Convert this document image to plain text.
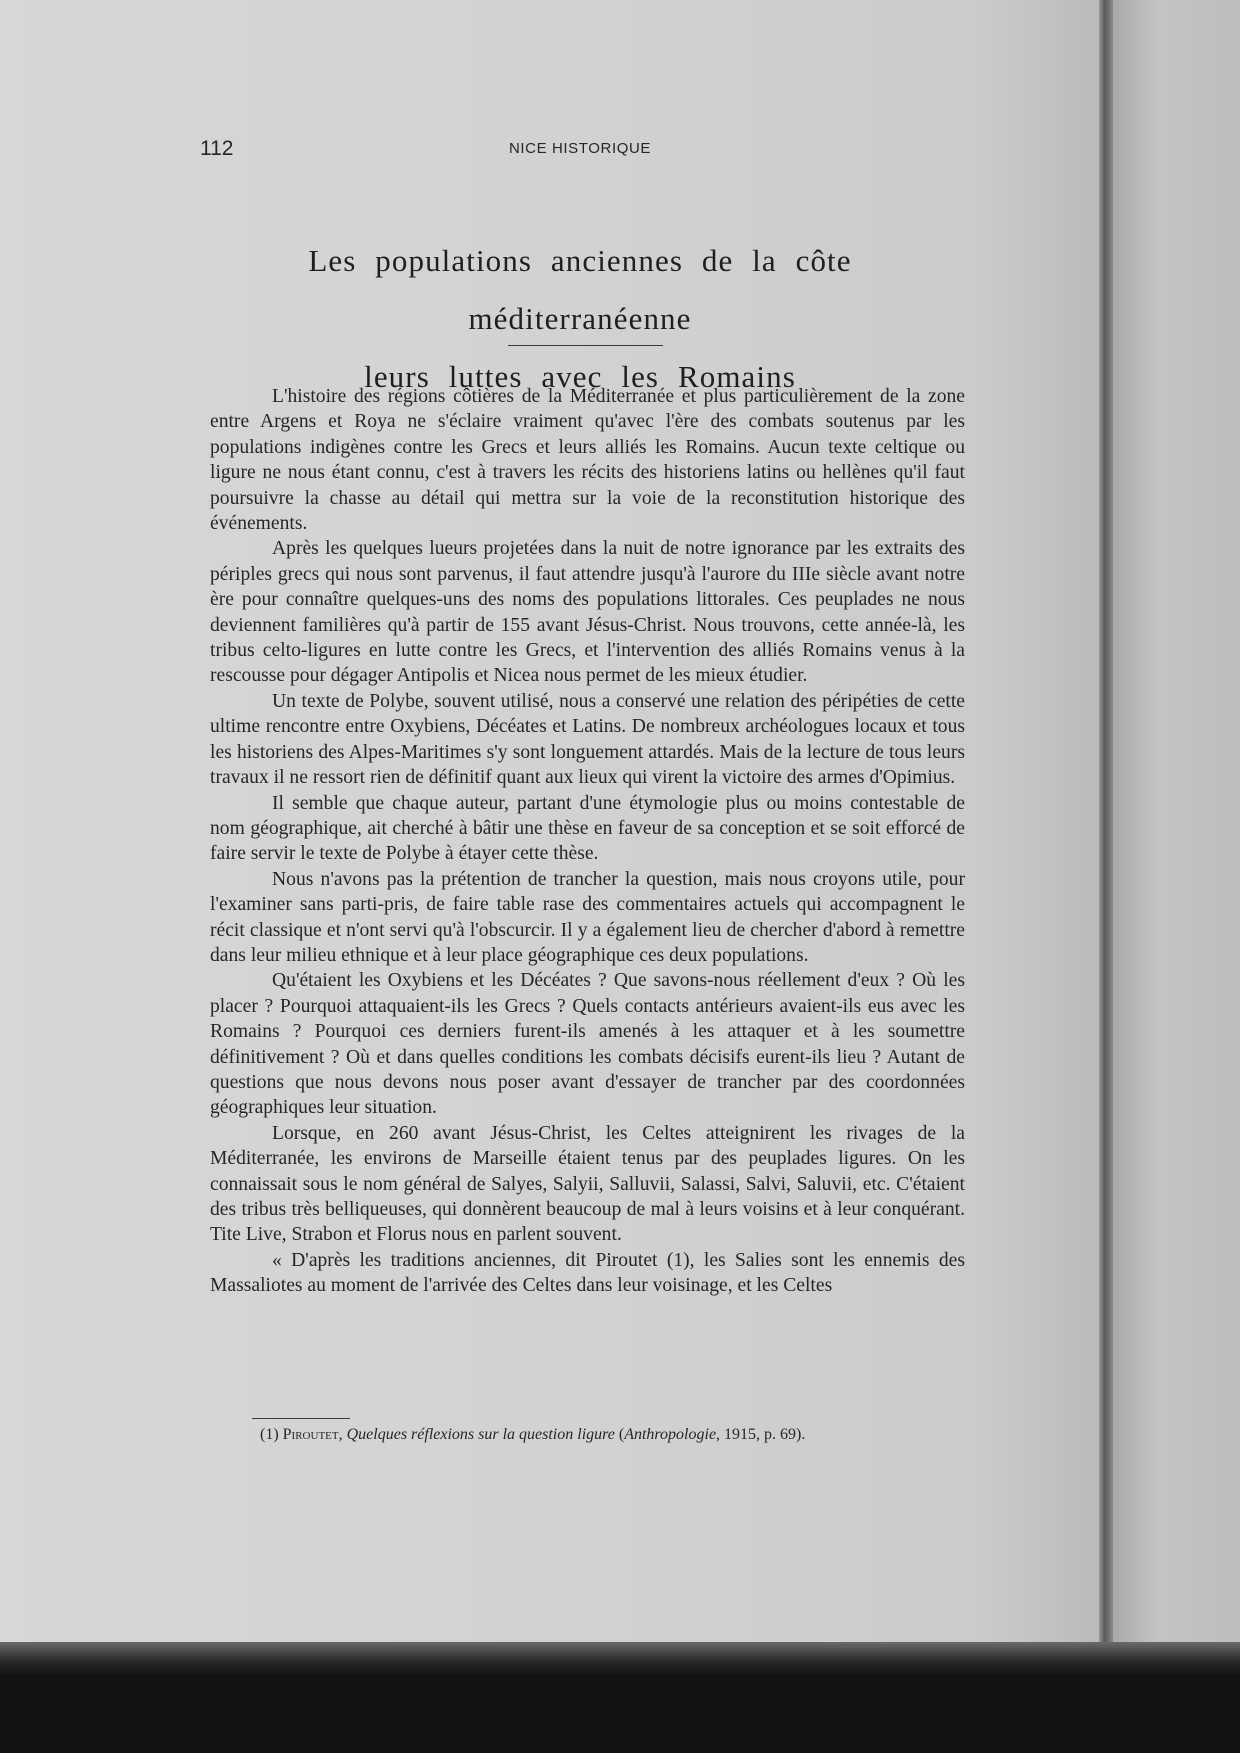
112	NICE HISTORIQUE
Les populations anciennes de la côte méditerranéenne
leurs luttes avec les Romains

L'histoire des régions côtières de la Méditerranée et plus particulièrement de la zone entre Argens et Roya ne s'éclaire vraiment qu'avec l'ère des combats soutenus par les populations indigènes contre les Grecs et leurs alliés les Romains. Aucun texte celtique ou ligure ne nous étant connu, c'est à travers les récits des historiens latins ou hellènes qu'il faut poursuivre la chasse au détail qui mettra sur la voie de la reconstitution historique des événements.

Après les quelques lueurs projetées dans la nuit de notre ignorance par les extraits des périples grecs qui nous sont parvenus, il faut attendre jusqu'à l'aurore du IIIe siècle avant notre ère pour connaître quelques-uns des noms des populations littorales. Ces peuplades ne nous deviennent familières qu'à partir de 155 avant Jésus-Christ. Nous trouvons, cette année-là, les tribus celto-ligures en lutte contre les Grecs, et l'intervention des alliés Romains venus à la rescousse pour dégager Antipolis et Nicea nous permet de les mieux étudier.

Un texte de Polybe, souvent utilisé, nous a conservé une relation des péripéties de cette ultime rencontre entre Oxybiens, Décéates et Latins. De nombreux archéologues locaux et tous les historiens des Alpes-Maritimes s'y sont longuement attardés. Mais de la lecture de tous leurs travaux il ne ressort rien de définitif quant aux lieux qui virent la victoire des armes d'Opimius.

Il semble que chaque auteur, partant d'une étymologie plus ou moins contestable de nom géographique, ait cherché à bâtir une thèse en faveur de sa conception et se soit efforcé de faire servir le texte de Polybe à étayer cette thèse.

Nous n'avons pas la prétention de trancher la question, mais nous croyons utile, pour l'examiner sans parti-pris, de faire table rase des commentaires actuels qui accompagnent le récit classique et n'ont servi qu'à l'obscurcir. Il y a également lieu de chercher d'abord à remettre dans leur milieu ethnique et à leur place géographique ces deux populations.

Qu'étaient les Oxybiens et les Décéates ? Que savons-nous réellement d'eux ? Où les placer ? Pourquoi attaquaient-ils les Grecs ? Quels contacts antérieurs avaient-ils eus avec les Romains ? Pourquoi ces derniers furent-ils amenés à les attaquer et à les soumettre définitivement ? Où et dans quelles conditions les combats décisifs eurent-ils lieu ? Autant de questions que nous devons nous poser avant d'essayer de trancher par des coordonnées géographiques leur situation.

Lorsque, en 260 avant Jésus-Christ, les Celtes atteignirent les rivages de la Méditerranée, les environs de Marseille étaient tenus par des peuplades ligures. On les connaissait sous le nom général de Salyes, Salyii, Salluvii, Salassi, Salvi, Saluvii, etc. C'étaient des tribus très belliqueuses, qui donnèrent beaucoup de mal à leurs voisins et à leur conquérant. Tite Live, Strabon et Florus nous en parlent souvent.

« D'après les traditions anciennes, dit Piroutet (1), les Salies sont les ennemis des Massaliotes au moment de l'arrivée des Celtes dans leur voisinage, et les Celtes

(1) Piroutet, Quelques réflexions sur la question ligure (Anthropologie, 1915, p. 69).
